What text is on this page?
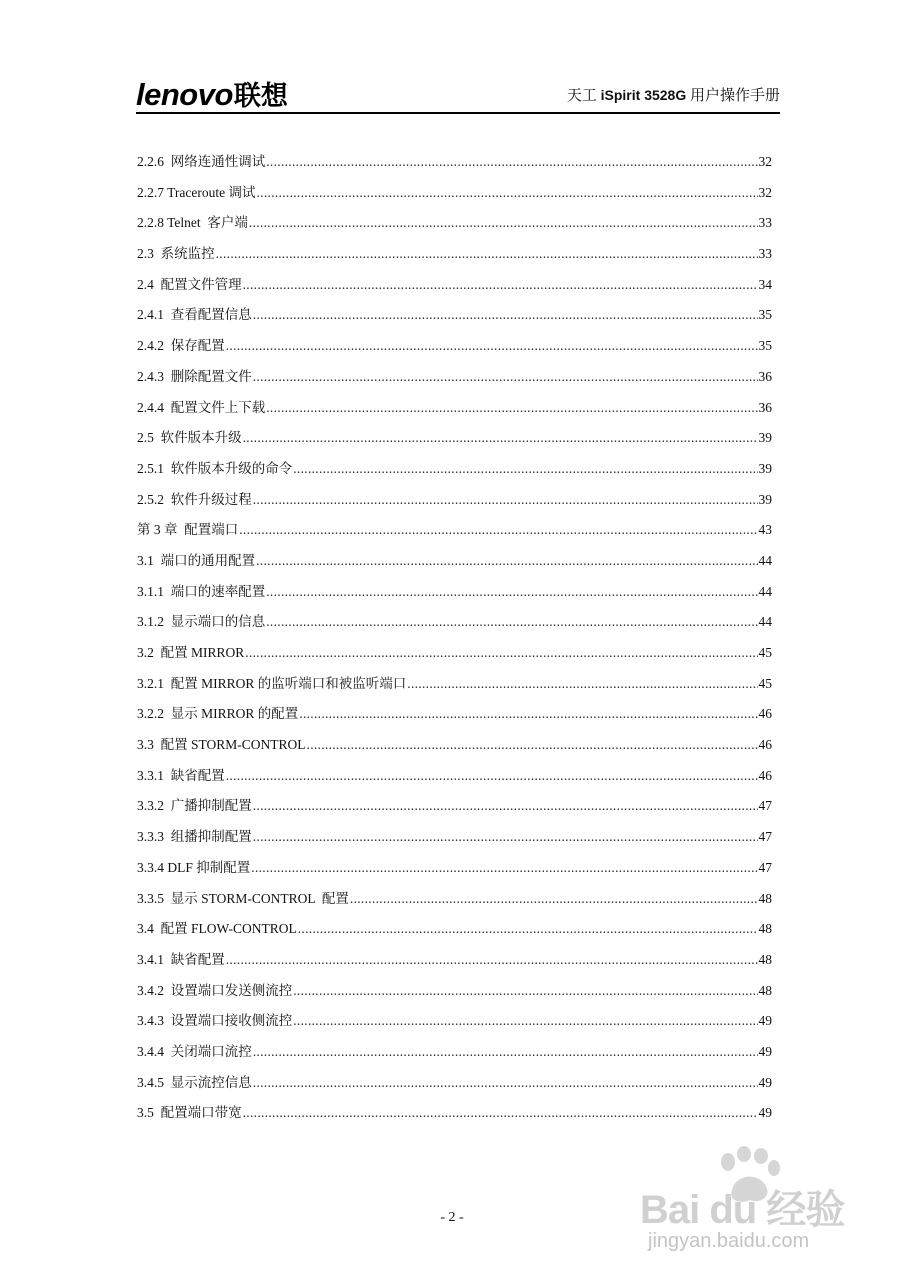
lenovo联想	天工 iSpirit 3528G 用户操作手册
2.2.6  网络连通性调试 .....	32
2.2.7 Traceroute 调试 .....	32
2.2.8 Telnet  客户端 .....	33
2.3  系统监控 .....	33
2.4  配置文件管理 .....	34
2.4.1  查看配置信息 .....	35
2.4.2  保存配置 .....	35
2.4.3  删除配置文件 .....	36
2.4.4  配置文件上下载 .....	36
2.5  软件版本升级 .....	39
2.5.1  软件版本升级的命令 .....	39
2.5.2  软件升级过程 .....	39
第 3 章  配置端口 .....	43
3.1  端口的通用配置 .....	44
3.1.1  端口的速率配置 .....	44
3.1.2  显示端口的信息 .....	44
3.2  配置 MIRROR .....	45
3.2.1  配置 MIRROR 的监听端口和被监听端口 .....	45
3.2.2  显示 MIRROR 的配置 .....	46
3.3  配置 STORM-CONTROL .....	46
3.3.1  缺省配置 .....	46
3.3.2  广播抑制配置 .....	47
3.3.3  组播抑制配置 .....	47
3.3.4 DLF 抑制配置 .....	47
3.3.5  显示 STORM-CONTROL  配置 .....	48
3.4  配置 FLOW-CONTROL .....	48
3.4.1  缺省配置 .....	48
3.4.2  设置端口发送侧流控 .....	48
3.4.3  设置端口接收侧流控 .....	49
3.4.4  关闭端口流控 .....	49
3.4.5  显示流控信息 .....	49
3.5  配置端口带宽 .....	49
- 2 -	Bai du 经验
jingyan.baidu.com
